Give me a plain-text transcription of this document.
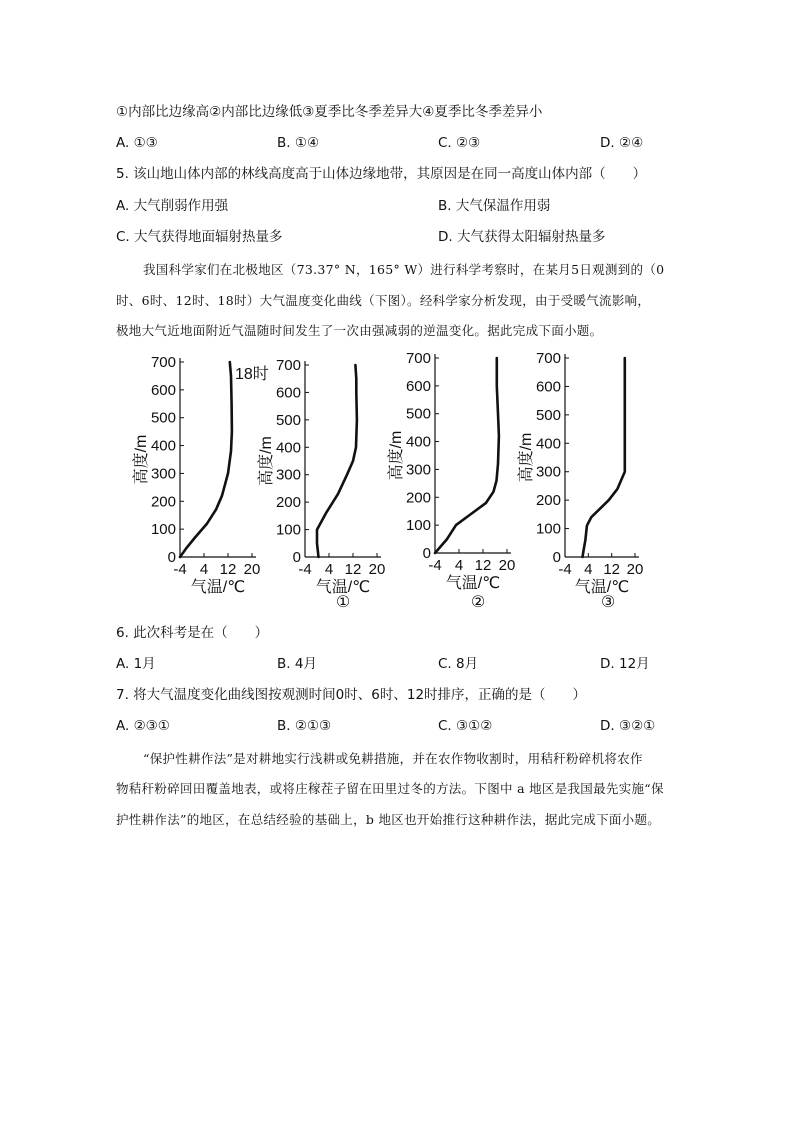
①内部比边缘高②内部比边缘低③夏季比冬季差异大④夏季比冬季差异小
A. ①③	B. ①④	C. ②③	D. ②④
5. 该山地山体内部的林线高度高于山体边缘地带，其原因是在同一高度山体内部（　　）
A. 大气削弱作用强	B. 大气保温作用弱
C. 大气获得地面辐射热量多	D. 大气获得太阳辐射热量多
我国科学家们在北极地区（73.37° N，165° W）进行科学考察时，在某月5日观测到的（0
时、6时、12时、18时）大气温度变化曲线（下图）。经科学家分析发现，由于受暖气流影响，
极地大气近地面附近气温随时间发生了一次由强减弱的逆温变化。据此完成下面小题。
0
100
200
300
400
500
600
700
-4 4 12 20
高度/m
气温/℃
18时
0
100
200
300
400
500
600
700
-4 4 12 20
高度/m
气温/℃
①
0
100
200
300
400
500
600
700
-4 4 12 20
高度/m
气温/℃
②
0
100
200
300
400
500
600
700
-4 4 12 20
高度/m
气温/℃
③
6. 此次科考是在（　　）
A. 1月	B. 4月	C. 8月	D. 12月
7. 将大气温度变化曲线图按观测时间0时、6时、12时排序，正确的是（　　）
A. ②③①	B. ②①③	C. ③①②	D. ③②①
“保护性耕作法”是对耕地实行浅耕或免耕措施，并在农作物收割时，用秸秆粉碎机将农作
物秸秆粉碎回田覆盖地表，或将庄稼茬子留在田里过冬的方法。下图中 a 地区是我国最先实施“保
护性耕作法”的地区，在总结经验的基础上，b 地区也开始推行这种耕作法，据此完成下面小题。
